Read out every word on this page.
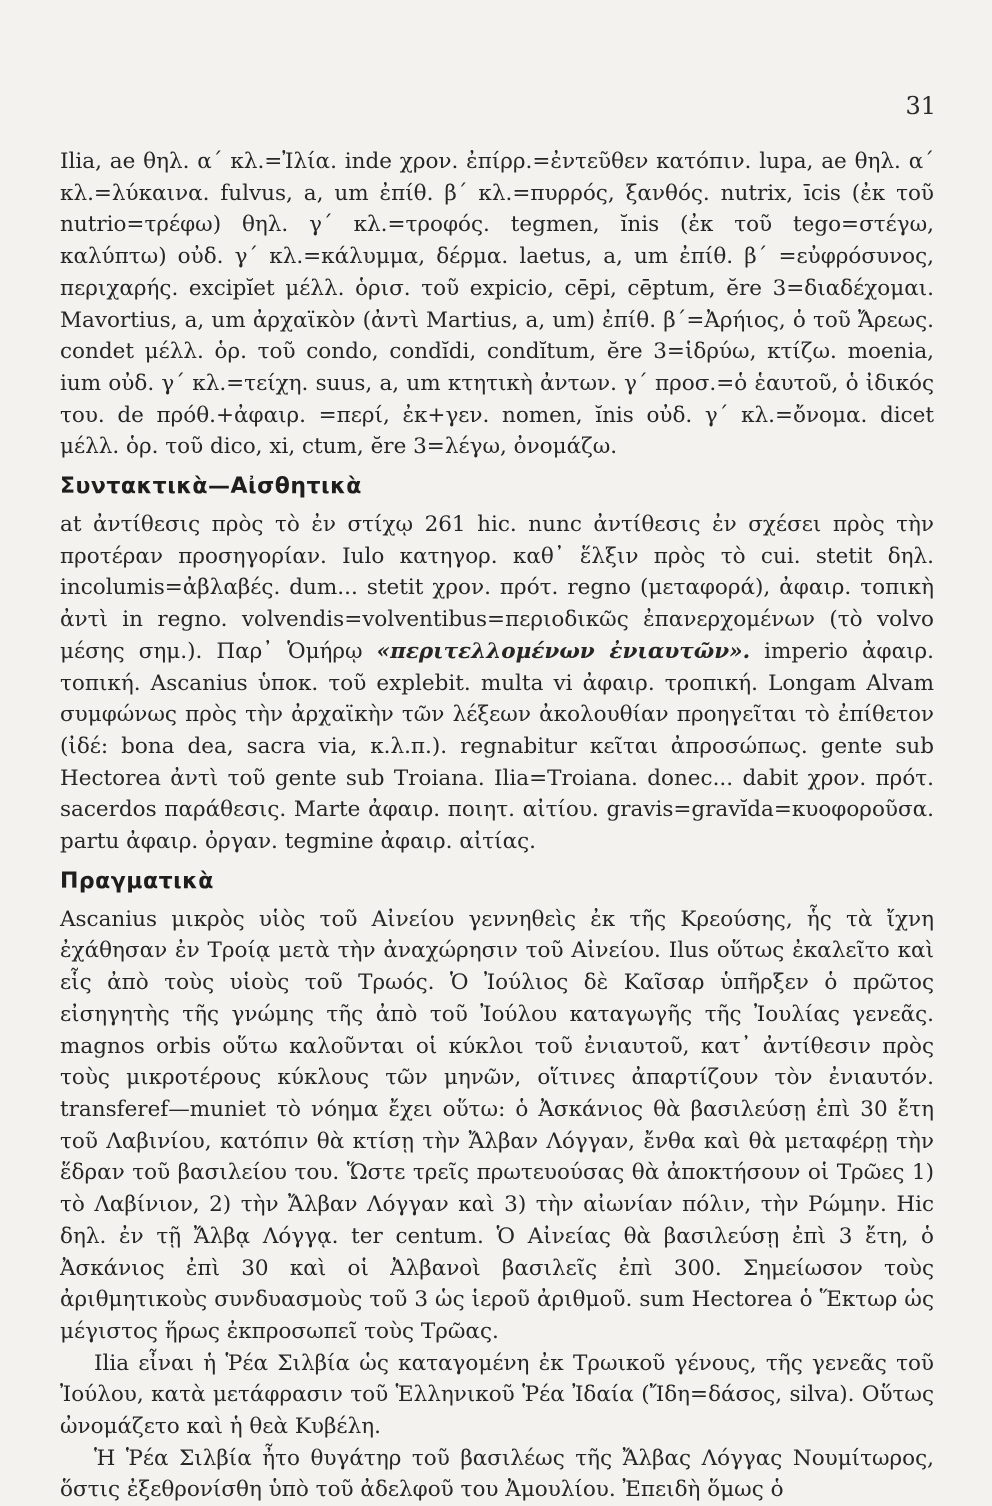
31

Ilia, ae θηλ. α΄ κλ.=Ἰλία. inde χρον. ἐπίρρ.=ἐντεῦθεν κατόπιν. lupa, ae θηλ. α΄ κλ.=λύκαινα. fulvus, a, um ἐπίθ. β΄ κλ.=πυρρός, ξανθός. nutrix, īcis (ἐκ τοῦ nutrio=τρέφω) θηλ. γ΄ κλ.=τροφός. tegmen, ĭnis (ἐκ τοῦ tego=στέγω, καλύπτω) οὐδ. γ΄ κλ.=κάλυμμα, δέρμα. laetus, a, um ἐπίθ. β΄ =εὐφρόσυνος, περιχαρής. excipĭet μέλλ. ὁρισ. τοῦ expicio, cēpi, cēptum, ĕre 3=διαδέχομαι. Mavortius, a, um ἀρχαϊκὸν (ἀντὶ Martius, a, um) ἐπίθ. β΄=Ἀρήιος, ὁ τοῦ Ἄρεως. condet μέλλ. ὁρ. τοῦ condo, condĭdi, condĭtum, ĕre 3=ἱδρύω, κτίζω. moenia, ium οὐδ. γ΄ κλ.=τείχη. suus, a, um κτητικὴ ἀντων. γ΄ προσ.=ὁ ἑαυτοῦ, ὁ ἰδικός του. de πρόθ.+ἀφαιρ. =περί, ἐκ+γεν. nomen, ĭnis οὐδ. γ΄ κλ.=ὄνομα. dicet μέλλ. ὁρ. τοῦ dico, xi, ctum, ĕre 3=λέγω, ὀνομάζω.

Συντακτικὰ—Αἰσθητικὰ

at ἀντίθεσις πρὸς τὸ ἐν στίχῳ 261 hic. nunc ἀντίθεσις ἐν σχέσει πρὸς τὴν προτέραν προσηγορίαν. Iulo κατηγορ. καθ᾽ ἕλξιν πρὸς τὸ cui. stetit δηλ. incolumis=ἀβλαβές. dum... stetit χρον. πρότ. regno (μεταφορά), ἀφαιρ. τοπικὴ ἀντὶ in regno. volvendis=volventibus=περιοδικῶς ἐπανερχομένων (τὸ volvo μέσης σημ.). Παρ᾽ Ὁμήρῳ «περιτελλομένων ἐνιαυτῶν». imperio ἀφαιρ. τοπική. Ascanius ὑποκ. τοῦ explebit. multa vi ἀφαιρ. τροπική. Longam Alvam συμφώνως πρὸς τὴν ἀρχαϊκὴν τῶν λέξεων ἀκολουθίαν προηγεῖται τὸ ἐπίθετον (ἰδέ: bona dea, sacra via, κ.λ.π.). regnabitur κεῖται ἀπροσώπως. gente sub Hectorea ἀντὶ τοῦ gente sub Troiana. Ilia=Troiana. donec... dabit χρον. πρότ. sacerdos παράθεσις. Marte ἀφαιρ. ποιητ. αἰτίου. gravis=gravĭda=κυοφοροῦσα. partu ἀφαιρ. ὀργαν. tegmine ἀφαιρ. αἰτίας.

Πραγματικὰ

Ascanius μικρὸς υἱὸς τοῦ Αἰνείου γεννηθεὶς ἐκ τῆς Κρεούσης, ἧς τὰ ἴχνη ἐχάθησαν ἐν Τροίᾳ μετὰ τὴν ἀναχώρησιν τοῦ Αἰνείου. Ilus οὕτως ἐκαλεῖτο καὶ εἷς ἀπὸ τοὺς υἱοὺς τοῦ Τρωός. Ὁ Ἰούλιος δὲ Καῖσαρ ὑπῆρξεν ὁ πρῶτος εἰσηγητὴς τῆς γνώμης τῆς ἀπὸ τοῦ Ἰούλου καταγωγῆς τῆς Ἰουλίας γενεᾶς. magnos orbis οὕτω καλοῦνται οἱ κύκλοι τοῦ ἐνιαυτοῦ, κατ᾽ ἀντίθεσιν πρὸς τοὺς μικροτέρους κύκλους τῶν μηνῶν, οἵτινες ἀπαρτίζουν τὸν ἐνιαυτόν. transferef—muniet τὸ νόημα ἔχει οὕτω: ὁ Ἀσκάνιος θὰ βασιλεύσῃ ἐπὶ 30 ἔτη τοῦ Λαβινίου, κατόπιν θὰ κτίσῃ τὴν Ἄλβαν Λόγγαν, ἔνθα καὶ θὰ μεταφέρῃ τὴν ἕδραν τοῦ βασιλείου του. Ὥστε τρεῖς πρωτευούσας θὰ ἀποκτήσουν οἱ Τρῶες 1) τὸ Λαβίνιον, 2) τὴν Ἄλβαν Λόγγαν καὶ 3) τὴν αἰωνίαν πόλιν, τὴν Ρώμην. Hic δηλ. ἐν τῇ Ἄλβᾳ Λόγγᾳ. ter centum. Ὁ Αἰνείας θὰ βασιλεύσῃ ἐπὶ 3 ἔτη, ὁ Ἀσκάνιος ἐπὶ 30 καὶ οἱ Ἀλβανοὶ βασιλεῖς ἐπὶ 300. Σημείωσον τοὺς ἀριθμητικοὺς συνδυασμοὺς τοῦ 3 ὡς ἱεροῦ ἀριθμοῦ. sum Hectorea ὁ Ἕκτωρ ὡς μέγιστος ἥρως ἐκπροσωπεῖ τοὺς Τρῶας.

Ilia εἶναι ἡ Ῥέα Σιλβία ὡς καταγομένη ἐκ Τρωικοῦ γένους, τῆς γενεᾶς τοῦ Ἰούλου, κατὰ μετάφρασιν τοῦ Ἑλληνικοῦ Ῥέα Ἰδαία (Ἴδη=δάσος, silva). Οὕτως ὠνομάζετο καὶ ἡ θεὰ Κυβέλη.

Ἡ Ῥέα Σιλβία ἦτο θυγάτηρ τοῦ βασιλέως τῆς Ἄλβας Λόγγας Νουμίτωρος, ὅστις ἐξεθρονίσθη ὑπὸ τοῦ ἀδελφοῦ του Ἀμουλίου. Ἐπειδὴ ὅμως ὁ
